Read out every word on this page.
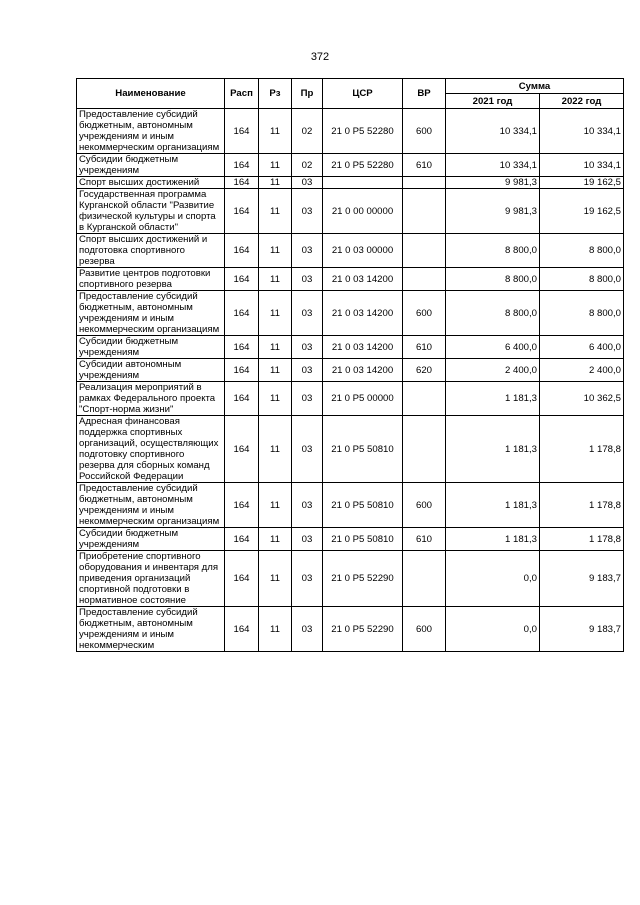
372
Наименование	Расп	Рз	Пр	ЦСР	ВР	Сумма	
						2021 год	2022 год
Предоставление субсидий бюджетным, автономным учреждениям и иным некоммерческим организациям	164	11	02	21 0 P5 52280	600	10 334,1	10 334,1
Субсидии бюджетным учреждениям	164	11	02	21 0 P5 52280	610	10 334,1	10 334,1
Спорт высших достижений	164	11	03			9 981,3	19 162,5
Государственная программа Курганской области "Развитие физической культуры и спорта в Курганской области"	164	11	03	21 0 00 00000		9 981,3	19 162,5
Спорт высших достижений и подготовка спортивного резерва	164	11	03	21 0 03 00000		8 800,0	8 800,0
Развитие центров подготовки спортивного резерва	164	11	03	21 0 03 14200		8 800,0	8 800,0
Предоставление субсидий бюджетным, автономным учреждениям и иным некоммерческим организациям	164	11	03	21 0 03 14200	600	8 800,0	8 800,0
Субсидии бюджетным учреждениям	164	11	03	21 0 03 14200	610	6 400,0	6 400,0
Субсидии автономным учреждениям	164	11	03	21 0 03 14200	620	2 400,0	2 400,0
Реализация мероприятий в рамках Федерального проекта "Спорт-норма жизни"	164	11	03	21 0 P5 00000		1 181,3	10 362,5
Адресная финансовая поддержка спортивных организаций, осуществляющих подготовку спортивного резерва для сборных команд Российской Федерации	164	11	03	21 0 P5 50810		1 181,3	1 178,8
Предоставление субсидий бюджетным, автономным учреждениям и иным некоммерческим организациям	164	11	03	21 0 P5 50810	600	1 181,3	1 178,8
Субсидии бюджетным учреждениям	164	11	03	21 0 P5 50810	610	1 181,3	1 178,8
Приобретение спортивного оборудования и инвентаря для приведения организаций спортивной подготовки в нормативное состояние	164	11	03	21 0 P5 52290		0,0	9 183,7
Предоставление субсидий бюджетным, автономным учреждениям и иным некоммерческим	164	11	03	21 0 P5 52290	600	0,0	9 183,7
